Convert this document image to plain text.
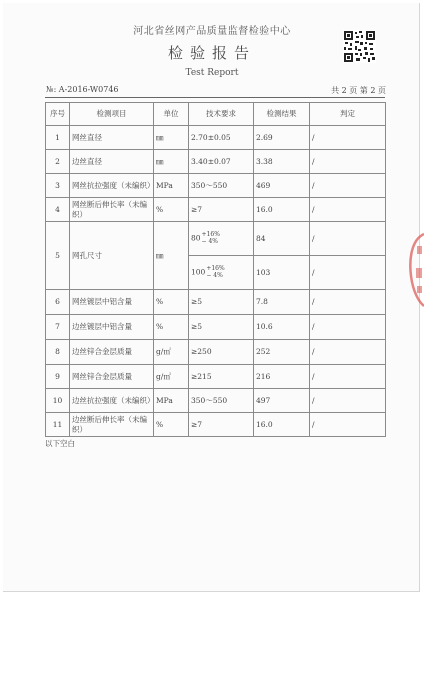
河北省丝网产品质量监督检验中心
检验报告
Test Report
№: A-2016-W0746	共 2 页 第 2 页
序号	检测项目	单位	技术要求	检测结果	判定
1	网丝直径	㎜	2.70±0.05	2.69	/
2	边丝直径	㎜	3.40±0.07	3.38	/
3	网丝抗拉强度（未编织）	MPa	350～550	469	/
4	网丝断后伸长率（未编织）	%	≥7	16.0	/
5	网孔尺寸	㎜	80 +16%
− 4%	84	/
			100 +16%
− 4%	103	/
6	网丝镀层中铝含量	%	≥5	7.8	/
7	边丝镀层中铝含量	%	≥5	10.6	/
8	边丝锌合金层质量	g/㎡	≥250	252	/
9	网丝锌合金层质量	g/㎡	≥215	216	/
10	边丝抗拉强度（未编织）	MPa	350～550	497	/
11	边丝断后伸长率（未编织）	%	≥7	16.0	/
以下空白
